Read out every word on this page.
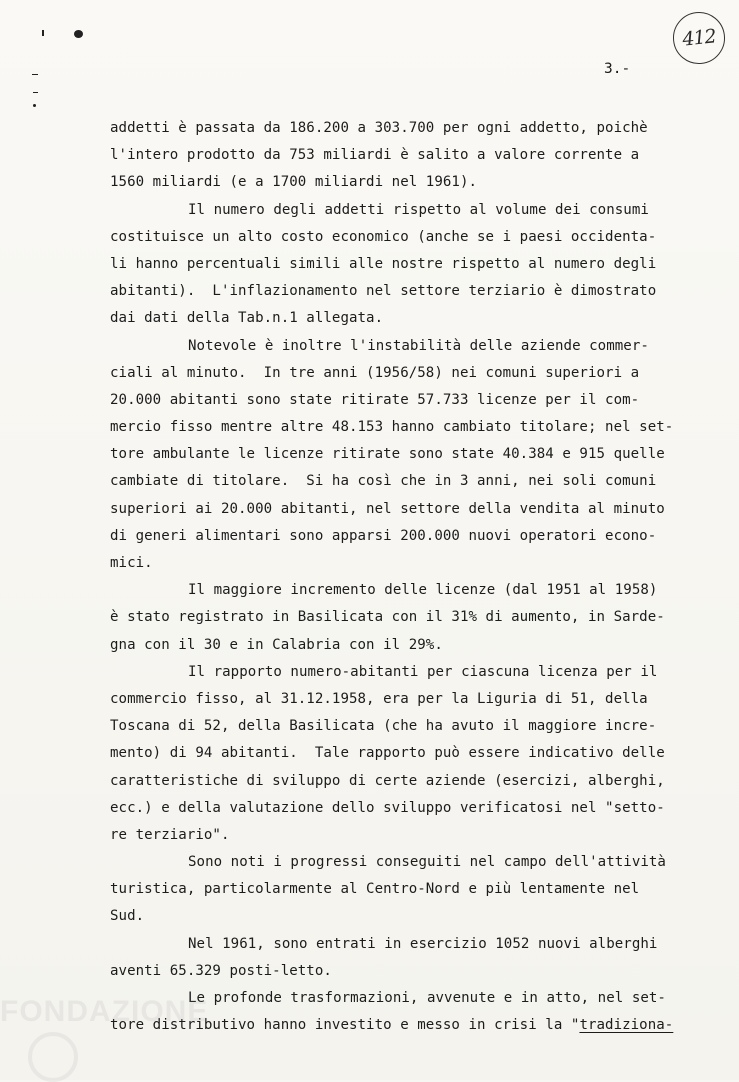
412
3.-
addetti è passata da 186.200 a 303.700 per ogni addetto, poichè
l'intero prodotto da 753 miliardi è salito a valore corrente a
1560 miliardi (e a 1700 miliardi nel 1961).
Il numero degli addetti rispetto al volume dei consumi
costituisce un alto costo economico (anche se i paesi occidenta-
li hanno percentuali simili alle nostre rispetto al numero degli
abitanti).  L'inflazionamento nel settore terziario è dimostrato
dai dati della Tab.n.1 allegata.
Notevole è inoltre l'instabilità delle aziende commer-
ciali al minuto.  In tre anni (1956/58) nei comuni superiori a
20.000 abitanti sono state ritirate 57.733 licenze per il com-
mercio fisso mentre altre 48.153 hanno cambiato titolare; nel set-
tore ambulante le licenze ritirate sono state 40.384 e 915 quelle
cambiate di titolare.  Si ha così che in 3 anni, nei soli comuni
superiori ai 20.000 abitanti, nel settore della vendita al minuto
di generi alimentari sono apparsi 200.000 nuovi operatori econo-
mici.
Il maggiore incremento delle licenze (dal 1951 al 1958)
è stato registrato in Basilicata con il 31% di aumento, in Sarde-
gna con il 30 e in Calabria con il 29%.
Il rapporto numero-abitanti per ciascuna licenza per il
commercio fisso, al 31.12.1958, era per la Liguria di 51, della
Toscana di 52, della Basilicata (che ha avuto il maggiore incre-
mento) di 94 abitanti.  Tale rapporto può essere indicativo delle
caratteristiche di sviluppo di certe aziende (esercizi, alberghi,
ecc.) e della valutazione dello sviluppo verificatosi nel "setto-
re terziario".
Sono noti i progressi conseguiti nel campo dell'attività
turistica, particolarmente al Centro-Nord e più lentamente nel
Sud.
Nel 1961, sono entrati in esercizio 1052 nuovi alberghi
aventi 65.329 posti-letto.
Le profonde trasformazioni, avvenute e in atto, nel set-
tore distributivo hanno investito e messo in crisi la "tradiziona-
FONDAZIONE
